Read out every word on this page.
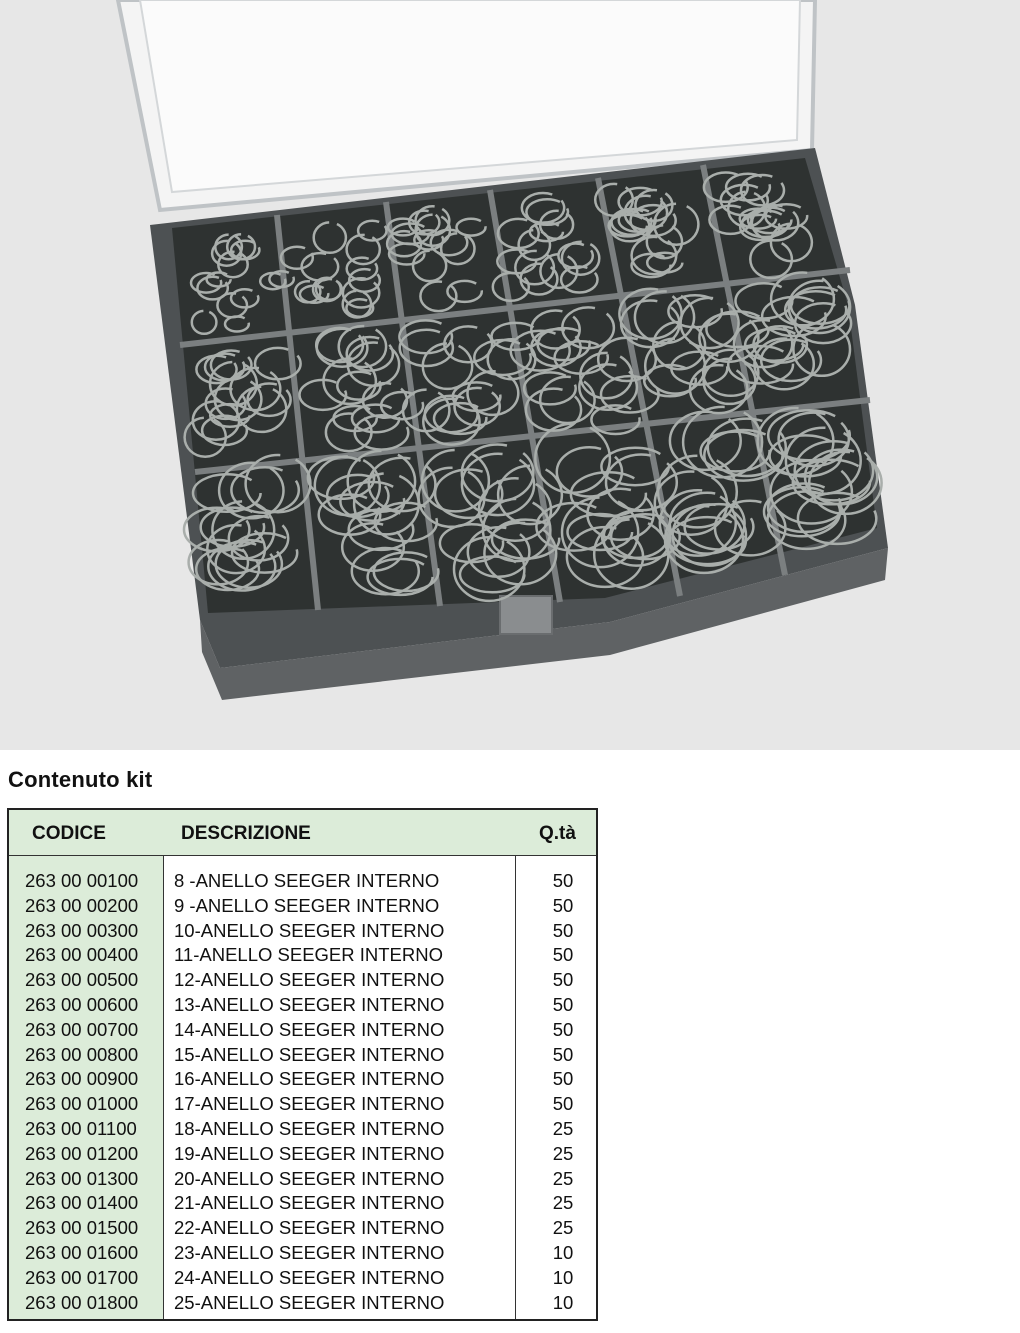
Contenuto kit
CODICE	DESCRIZIONE	Q.tà
263 00 00100 8 -ANELLO SEEGER INTERNO	50
263 00 00200 9 -ANELLO SEEGER INTERNO	50
263 00 00300 10-ANELLO SEEGER INTERNO	50
263 00 00400 11-ANELLO SEEGER INTERNO	50
263 00 00500 12-ANELLO SEEGER INTERNO	50
263 00 00600 13-ANELLO SEEGER INTERNO	50
263 00 00700 14-ANELLO SEEGER INTERNO	50
263 00 00800 15-ANELLO SEEGER INTERNO	50
263 00 00900 16-ANELLO SEEGER INTERNO	50
263 00 01000 17-ANELLO SEEGER INTERNO	50
263 00 01100 18-ANELLO SEEGER INTERNO	25
263 00 01200 19-ANELLO SEEGER INTERNO	25
263 00 01300 20-ANELLO SEEGER INTERNO	25
263 00 01400 21-ANELLO SEEGER INTERNO	25
263 00 01500 22-ANELLO SEEGER INTERNO	25
263 00 01600 23-ANELLO SEEGER INTERNO	10
263 00 01700 24-ANELLO SEEGER INTERNO	10
263 00 01800 25-ANELLO SEEGER INTERNO	10
